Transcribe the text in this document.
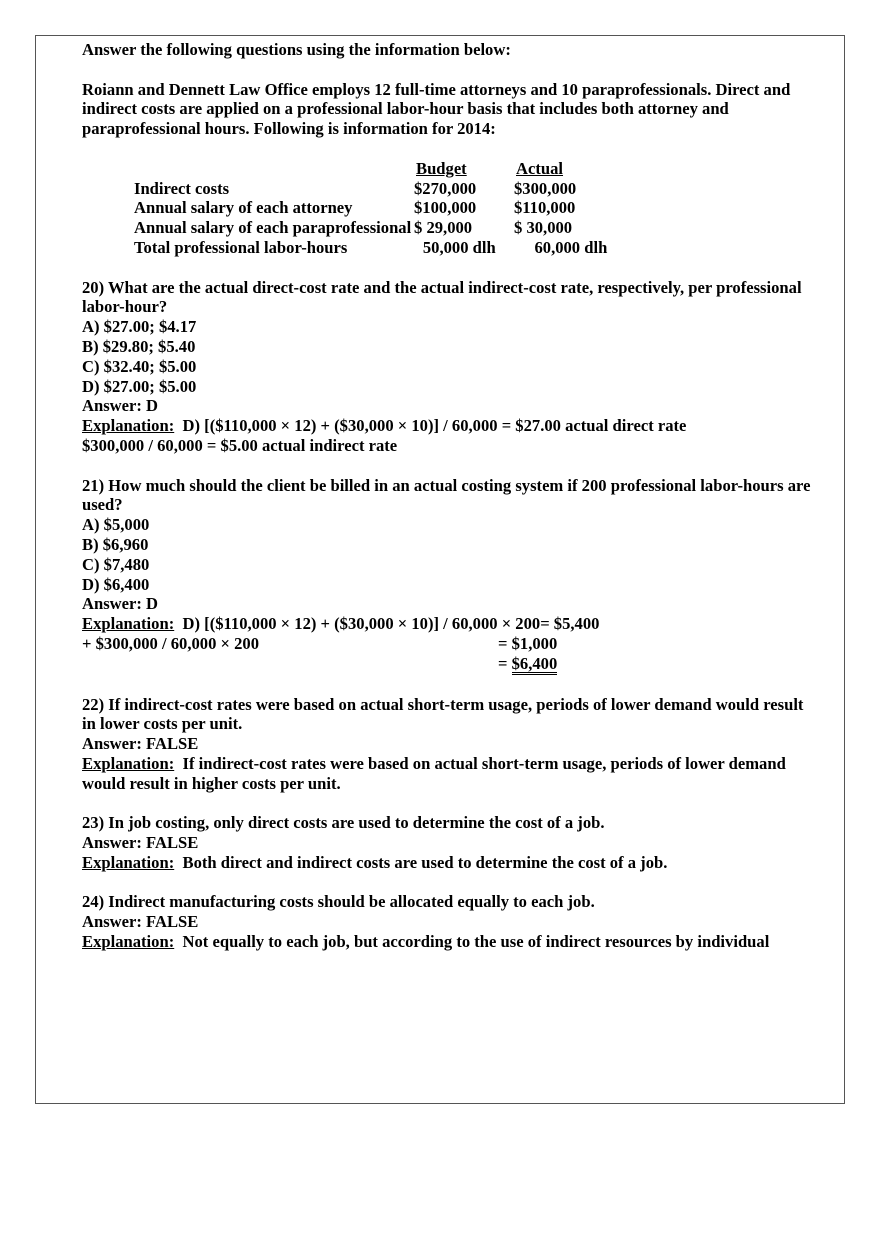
Answer the following questions using the information below:

Roiann and Dennett Law Office employs 12 full-time attorneys and 10 paraprofessionals. Direct and indirect costs are applied on a professional labor-hour basis that includes both attorney and paraprofessional hours. Following is information for 2014:

Budget	Actual
Indirect costs	$270,000	$300,000
Annual salary of each attorney	$100,000	$110,000
Annual salary of each paraprofessional $ 29,000	$ 30,000
Total professional labor-hours	50,000 dlh	60,000 dlh

20) What are the actual direct-cost rate and the actual indirect-cost rate, respectively, per professional labor-hour?

A) $27.00; $4.17

B) $29.80; $5.40

C) $32.40; $5.00

D) $27.00; $5.00

Answer: D

Explanation: D) [($110,000 × 12) + ($30,000 × 10)] / 60,000 = $27.00 actual direct rate

$300,000 / 60,000 = $5.00 actual indirect rate

21) How much should the client be billed in an actual costing system if 200 professional labor-hours are used?

A) $5,000

B) $6,960

C) $7,480

D) $6,400

Answer: D

Explanation: D) [($110,000 × 12) + ($30,000 × 10)] / 60,000 × 200= $5,400

+ $300,000 / 60,000 × 200	= $1,000
= $6,400

22) If indirect-cost rates were based on actual short-term usage, periods of lower demand would result in lower costs per unit.

Answer: FALSE

Explanation: If indirect-cost rates were based on actual short-term usage, periods of lower demand would result in higher costs per unit.

23) In job costing, only direct costs are used to determine the cost of a job.

Answer: FALSE

Explanation: Both direct and indirect costs are used to determine the cost of a job.

24) Indirect manufacturing costs should be allocated equally to each job.

Answer: FALSE

Explanation: Not equally to each job, but according to the use of indirect resources by individual
